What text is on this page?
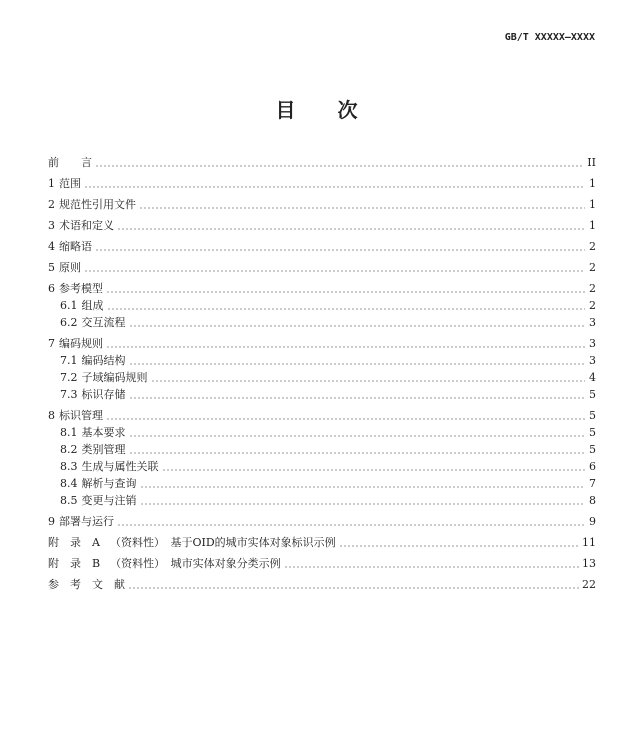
GB/T XXXXX—XXXX
目 次
前　　言	II
1 范围	1
2 规范性引用文件	1
3 术语和定义	1
4 缩略语	2
5 原则	2
6 参考模型	2
6.1 组成	2
6.2 交互流程	3
7 编码规则	3
7.1 编码结构	3
7.2 子域编码规则	4
7.3 标识存储	5
8 标识管理	5
8.1 基本要求	5
8.2 类别管理	5
8.3 生成与属性关联	6
8.4 解析与查询	7
8.5 变更与注销	8
9 部署与运行	9
附　录　A （资料性）　基于OID的城市实体对象标识示例	11
附　录　B （资料性）　城市实体对象分类示例	13
参　考　文　献	22
